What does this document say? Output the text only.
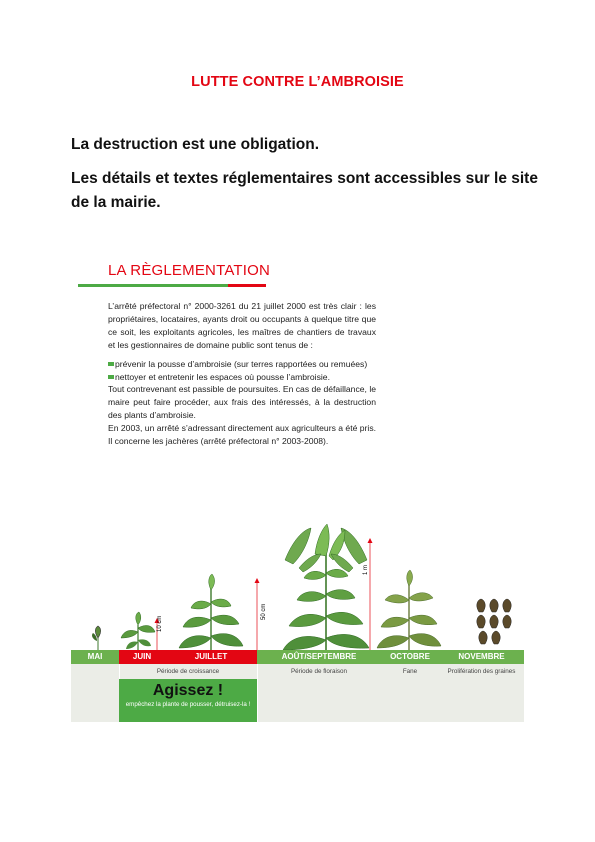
LUTTE CONTRE L’AMBROISIE
La destruction est une obligation.
Les détails et textes réglementaires sont accessibles sur le site de la mairie.
LA RÈGLEMENTATION

L’arrêté préfectoral n° 2000-3261 du 21 juillet 2000 est très clair : les propriétaires, locataires, ayants droit ou occupants à quelque titre que ce soit, les exploitants agricoles, les maîtres de chantiers de travaux et les gestionnaires de domaine public sont tenus de :

prévenir la pousse d’ambroisie (sur terres rapportées ou remuées)

nettoyer et entretenir les espaces où pousse l’ambroisie.

Tout contrevenant est passible de poursuites. En cas de défaillance, le maire peut faire procéder, aux frais des intéressés, à la destruction des plants d’ambroisie.

En 2003, un arrêté s’adressant directement aux agriculteurs a été pris. Il concerne les jachères (arrêté préfectoral n° 2003-2008).

10 cm
50 cm
1 m
MAI	JUIN	JUILLET	AOÛT/SEPTEMBRE	OCTOBRE	NOVEMBRE
Période de croissance	Période de floraison	Fane	Prolifération des graines
Agissez !
empêchez la plante de pousser, détruisez-la !
